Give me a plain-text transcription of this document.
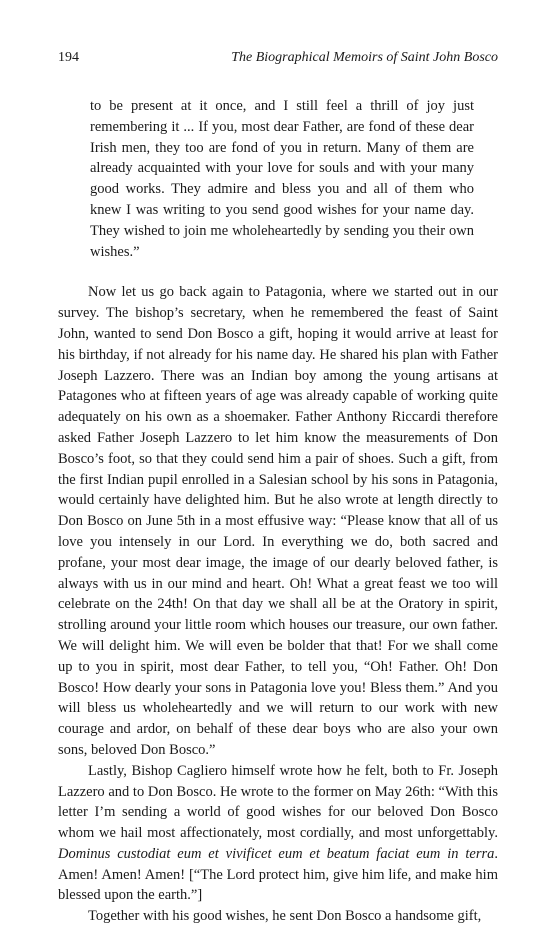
194	The Biographical Memoirs of Saint John Bosco

to be present at it once, and I still feel a thrill of joy just remembering it ... If you, most dear Father, are fond of these dear Irish men, they too are fond of you in return. Many of them are already acquainted with your love for souls and with your many good works. They admire and bless you and all of them who knew I was writing to you send good wishes for your name day. They wished to join me wholeheartedly by sending you their own wishes.”

Now let us go back again to Patagonia, where we started out in our survey. The bishop’s secretary, when he remembered the feast of Saint John, wanted to send Don Bosco a gift, hoping it would arrive at least for his birthday, if not already for his name day. He shared his plan with Father Joseph Lazzero. There was an Indian boy among the young artisans at Patagones who at fifteen years of age was already capable of working quite adequately on his own as a shoemaker. Father Anthony Riccardi therefore asked Father Joseph Lazzero to let him know the measurements of Don Bosco’s foot, so that they could send him a pair of shoes. Such a gift, from the first Indian pupil enrolled in a Salesian school by his sons in Patagonia, would certainly have delighted him. But he also wrote at length directly to Don Bosco on June 5th in a most effusive way: “Please know that all of us love you intensely in our Lord. In everything we do, both sacred and profane, your most dear image, the image of our dearly beloved father, is always with us in our mind and heart. Oh! What a great feast we too will celebrate on the 24th! On that day we shall all be at the Oratory in spirit, strolling around your little room which houses our treasure, our own father. We will delight him. We will even be bolder that that! For we shall come up to you in spirit, most dear Father, to tell you, “Oh! Father. Oh! Don Bosco! How dearly your sons in Patagonia love you! Bless them.” And you will bless us wholeheartedly and we will return to our work with new courage and ardor, on behalf of these dear boys who are also your own sons, beloved Don Bosco.”

Lastly, Bishop Cagliero himself wrote how he felt, both to Fr. Joseph Lazzero and to Don Bosco. He wrote to the former on May 26th: “With this letter I’m sending a world of good wishes for our beloved Don Bosco whom we hail most affectionately, most cordially, and most unforgettably. Dominus custodiat eum et vivificet eum et beatum faciat eum in terra. Amen! Amen! Amen! [“The Lord protect him, give him life, and make him blessed upon the earth.”]

Together with his good wishes, he sent Don Bosco a handsome gift,
